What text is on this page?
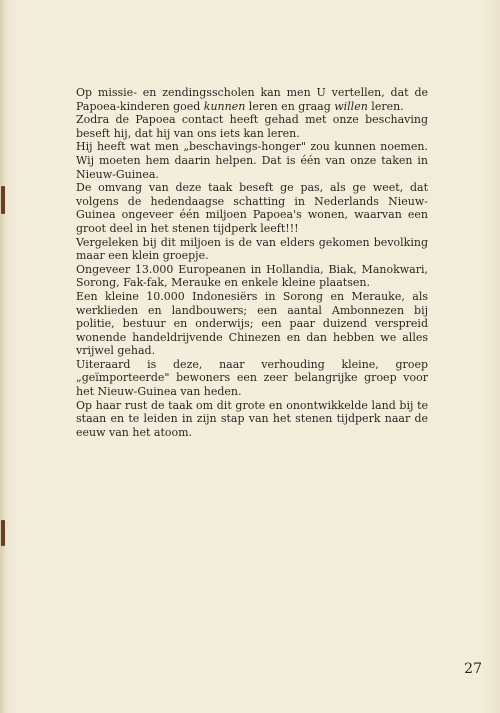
Op missie- en zendingsscholen kan men U vertellen, dat de Papoea-kinderen goed kunnen leren en graag willen leren.

Zodra de Papoea contact heeft gehad met onze beschaving beseft hij, dat hij van ons iets kan leren.

Hij heeft wat men „beschavings-honger" zou kunnen noemen. Wij moeten hem daarin helpen. Dat is één van onze taken in Nieuw-Guinea.

De omvang van deze taak beseft ge pas, als ge weet, dat volgens de hedendaagse schatting in Nederlands Nieuw-Guinea ongeveer één miljoen Papoea's wonen, waarvan een groot deel in het stenen tijdperk leeft!!!

Vergeleken bij dit miljoen is de van elders gekomen bevolking maar een klein groepje.

Ongeveer 13.000 Europeanen in Hollandia, Biak, Manokwari, Sorong, Fak-fak, Merauke en enkele kleine plaatsen.

Een kleine 10.000 Indonesiërs in Sorong en Merauke, als werklieden en landbouwers; een aantal Ambonnezen bij politie, bestuur en onderwijs; een paar duizend verspreid wonende handeldrijvende Chinezen en dan hebben we alles vrijwel gehad.

Uiteraard is deze, naar verhouding kleine, groep „geïmporteerde" bewoners een zeer belangrijke groep voor het Nieuw-Guinea van heden.

Op haar rust de taak om dit grote en onontwikkelde land bij te staan en te leiden in zijn stap van het stenen tijdperk naar de eeuw van het atoom.

27
